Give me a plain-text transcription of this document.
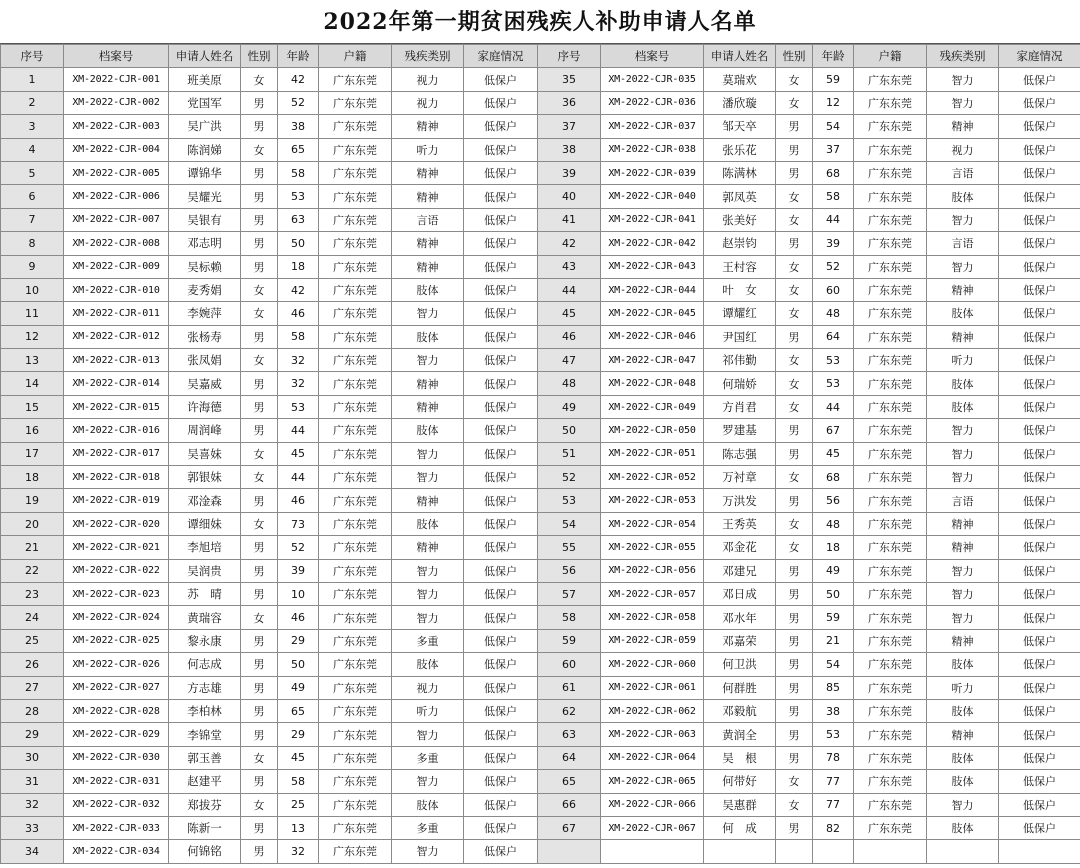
2022年第一期贫困残疾人补助申请人名单
序号	档案号	申请人姓名	性别	年龄	户籍	残疾类别	家庭情况	序号	档案号	申请人姓名	性别	年龄	户籍	残疾类别	家庭情况
1	XM-2022-CJR-001	班美原	女	42	广东东莞	视力	低保户	35	XM-2022-CJR-035	莫瑞欢	女	59	广东东莞	智力	低保户
2	XM-2022-CJR-002	党国军	男	52	广东东莞	视力	低保户	36	XM-2022-CJR-036	潘欣璇	女	12	广东东莞	智力	低保户
3	XM-2022-CJR-003	吴广洪	男	38	广东东莞	精神	低保户	37	XM-2022-CJR-037	邹天卒	男	54	广东东莞	精神	低保户
4	XM-2022-CJR-004	陈润娣	女	65	广东东莞	听力	低保户	38	XM-2022-CJR-038	张乐花	男	37	广东东莞	视力	低保户
5	XM-2022-CJR-005	谭锦华	男	58	广东东莞	精神	低保户	39	XM-2022-CJR-039	陈满林	男	68	广东东莞	言语	低保户
6	XM-2022-CJR-006	吴耀光	男	53	广东东莞	精神	低保户	40	XM-2022-CJR-040	郭凤英	女	58	广东东莞	肢体	低保户
7	XM-2022-CJR-007	吴银有	男	63	广东东莞	言语	低保户	41	XM-2022-CJR-041	张美好	女	44	广东东莞	智力	低保户
8	XM-2022-CJR-008	邓志明	男	50	广东东莞	精神	低保户	42	XM-2022-CJR-042	赵崇钧	男	39	广东东莞	言语	低保户
9	XM-2022-CJR-009	吴标赖	男	18	广东东莞	精神	低保户	43	XM-2022-CJR-043	王村容	女	52	广东东莞	智力	低保户
10	XM-2022-CJR-010	麦秀娟	女	42	广东东莞	肢体	低保户	44	XM-2022-CJR-044	叶　女	女	60	广东东莞	精神	低保户
11	XM-2022-CJR-011	李婉萍	女	46	广东东莞	智力	低保户	45	XM-2022-CJR-045	谭耀红	女	48	广东东莞	肢体	低保户
12	XM-2022-CJR-012	张杨寿	男	58	广东东莞	肢体	低保户	46	XM-2022-CJR-046	尹国红	男	64	广东东莞	精神	低保户
13	XM-2022-CJR-013	张凤娟	女	32	广东东莞	智力	低保户	47	XM-2022-CJR-047	祁伟勤	女	53	广东东莞	听力	低保户
14	XM-2022-CJR-014	吴嘉威	男	32	广东东莞	精神	低保户	48	XM-2022-CJR-048	何瑞娇	女	53	广东东莞	肢体	低保户
15	XM-2022-CJR-015	许海德	男	53	广东东莞	精神	低保户	49	XM-2022-CJR-049	方肖君	女	44	广东东莞	肢体	低保户
16	XM-2022-CJR-016	周润峰	男	44	广东东莞	肢体	低保户	50	XM-2022-CJR-050	罗建基	男	67	广东东莞	智力	低保户
17	XM-2022-CJR-017	吴喜妹	女	45	广东东莞	智力	低保户	51	XM-2022-CJR-051	陈志强	男	45	广东东莞	智力	低保户
18	XM-2022-CJR-018	郭银妹	女	44	广东东莞	智力	低保户	52	XM-2022-CJR-052	万衬章	女	68	广东东莞	智力	低保户
19	XM-2022-CJR-019	邓淦森	男	46	广东东莞	精神	低保户	53	XM-2022-CJR-053	万洪发	男	56	广东东莞	言语	低保户
20	XM-2022-CJR-020	谭细妹	女	73	广东东莞	肢体	低保户	54	XM-2022-CJR-054	王秀英	女	48	广东东莞	精神	低保户
21	XM-2022-CJR-021	李旭培	男	52	广东东莞	精神	低保户	55	XM-2022-CJR-055	邓金花	女	18	广东东莞	精神	低保户
22	XM-2022-CJR-022	吴润贵	男	39	广东东莞	智力	低保户	56	XM-2022-CJR-056	邓建兄	男	49	广东东莞	智力	低保户
23	XM-2022-CJR-023	苏　晴	男	10	广东东莞	智力	低保户	57	XM-2022-CJR-057	邓日成	男	50	广东东莞	智力	低保户
24	XM-2022-CJR-024	黄瑞容	女	46	广东东莞	智力	低保户	58	XM-2022-CJR-058	邓水年	男	59	广东东莞	智力	低保户
25	XM-2022-CJR-025	黎永康	男	29	广东东莞	多重	低保户	59	XM-2022-CJR-059	邓嘉荣	男	21	广东东莞	精神	低保户
26	XM-2022-CJR-026	何志成	男	50	广东东莞	肢体	低保户	60	XM-2022-CJR-060	何卫洪	男	54	广东东莞	肢体	低保户
27	XM-2022-CJR-027	方志雄	男	49	广东东莞	视力	低保户	61	XM-2022-CJR-061	何群胜	男	85	广东东莞	听力	低保户
28	XM-2022-CJR-028	李柏林	男	65	广东东莞	听力	低保户	62	XM-2022-CJR-062	邓毅航	男	38	广东东莞	肢体	低保户
29	XM-2022-CJR-029	李锦堂	男	29	广东东莞	智力	低保户	63	XM-2022-CJR-063	黄润全	男	53	广东东莞	精神	低保户
30	XM-2022-CJR-030	郭玉善	女	45	广东东莞	多重	低保户	64	XM-2022-CJR-064	吴　根	男	78	广东东莞	肢体	低保户
31	XM-2022-CJR-031	赵建平	男	58	广东东莞	智力	低保户	65	XM-2022-CJR-065	何带好	女	77	广东东莞	肢体	低保户
32	XM-2022-CJR-032	郑拔芬	女	25	广东东莞	肢体	低保户	66	XM-2022-CJR-066	吴惠群	女	77	广东东莞	智力	低保户
33	XM-2022-CJR-033	陈新一	男	13	广东东莞	多重	低保户	67	XM-2022-CJR-067	何　成	男	82	广东东莞	肢体	低保户
34	XM-2022-CJR-034	何锦铭	男	32	广东东莞	智力	低保户								
